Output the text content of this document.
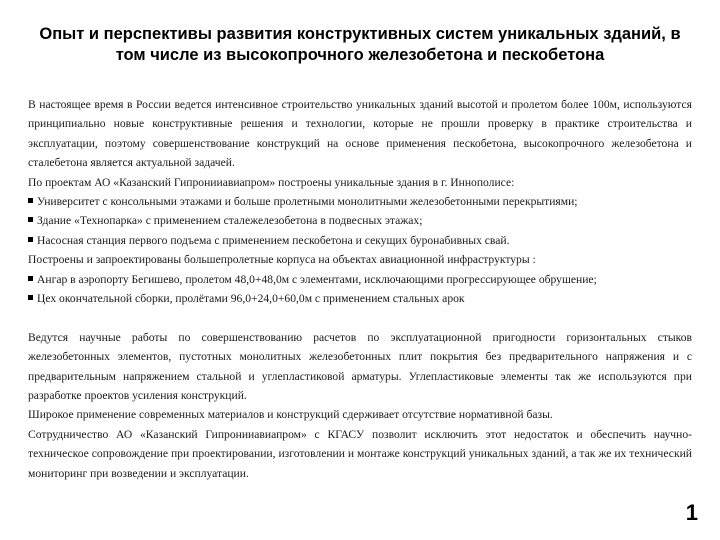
Опыт и перспективы развития конструктивных систем уникальных зданий, в том числе из высокопрочного железобетона и пескобетона

В настоящее время в России ведется интенсивное строительство уникальных зданий высотой и пролетом более 100м, используются принципиально новые конструктивные решения и технологии, которые не прошли проверку в практике строительства и эксплуатации, поэтому совершенствование конструкций на основе применения пескобетона, высокопрочного железобетона и сталебетона является актуальной задачей.

По проектам АО «Казанский Гипронииавиапром» построены уникальные здания в г. Иннополисе:

Университет с консольными этажами и больше пролетными монолитными железобетонными перекрытиями;

Здание «Технопарка» с применением сталежелезобетона в подвесных этажах;

Насосная станция первого подъема с применением пескобетона и секущих буронабивных свай.

Построены и запроектированы большепролетные корпуса на объектах авиационной инфраструктуры :

Ангар в аэропорту Бегишево, пролетом 48,0+48,0м с элементами, исключающими прогрессирующее обрушение;

Цех окончательной сборки, пролётами 96,0+24,0+60,0м с применением стальных арок

Ведутся научные работы по совершенствованию расчетов по эксплуатационной пригодности горизонтальных стыков железобетонных элементов, пустотных монолитных железобетонных плит покрытия без предварительного напряжения и с предварительным напряжением стальной и углепластиковой арматуры. Углепластиковые элементы так же используются при разработке проектов усиления конструкций.

Широкое применение современных материалов и конструкций сдерживает отсутствие нормативной базы.

Сотрудничество АО «Казанский Гипронииавиапром» с КГАСУ позволит исключить этот недостаток и обеспечить научно-техническое сопровождение при проектировании, изготовлении и монтаже конструкций уникальных зданий, а так же их технический мониторинг при возведении и эксплуатации.

1
